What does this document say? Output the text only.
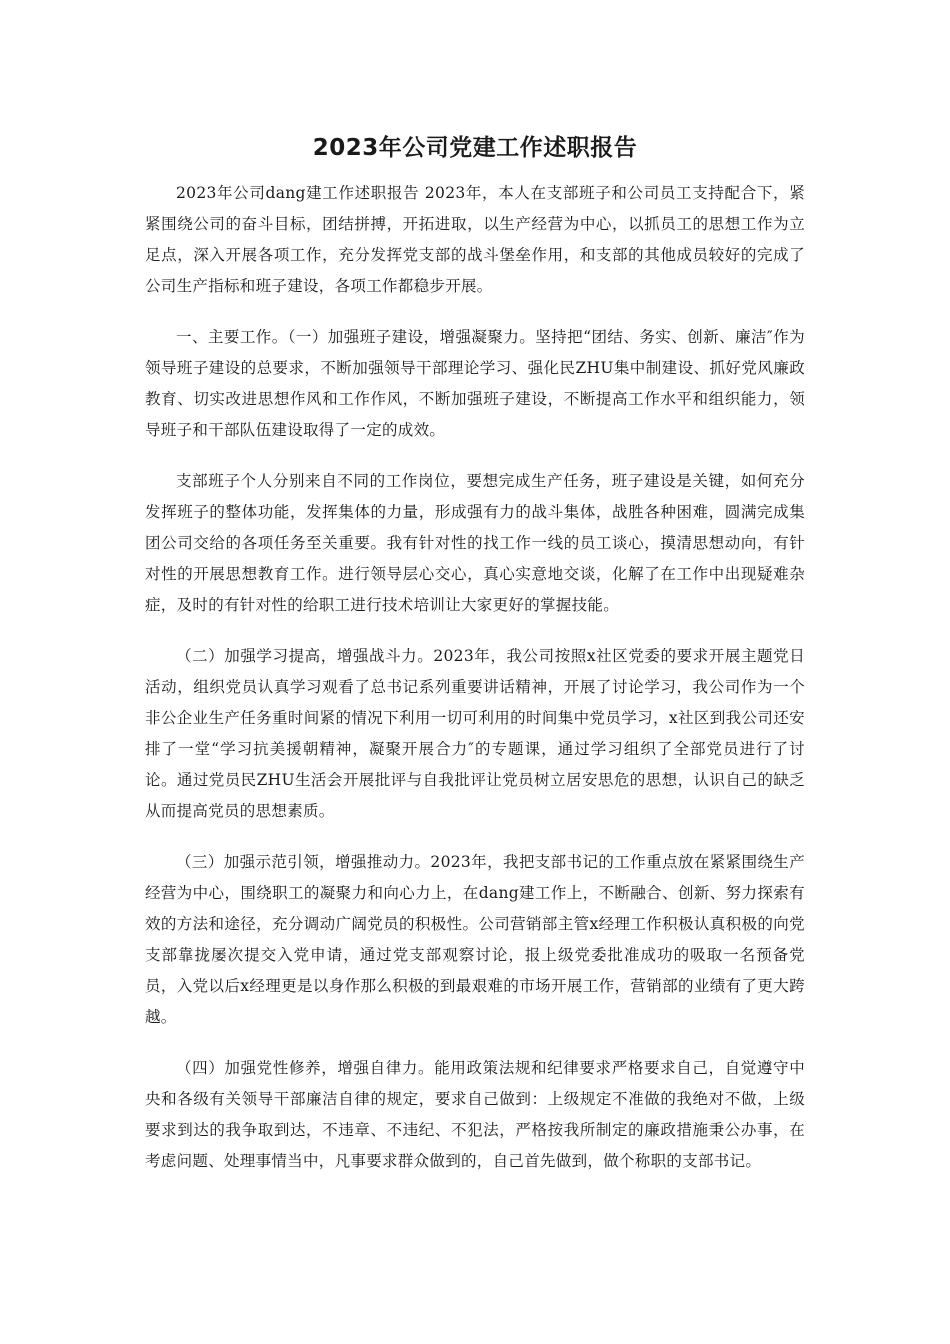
2023年公司党建工作述职报告

2023年公司dang建工作述职报告 2023年，本人在支部班子和公司员工支持配合下，紧紧围绕公司的奋斗目标，团结拼搏，开拓进取，以生产经营为中心，以抓员工的思想工作为立足点，深入开展各项工作，充分发挥党支部的战斗堡垒作用，和支部的其他成员较好的完成了公司生产指标和班子建设，各项工作都稳步开展。

一、主要工作。（一）加强班子建设，增强凝聚力。坚持把“团结、务实、创新、廉洁″作为领导班子建设的总要求，不断加强领导干部理论学习、强化民ZHU集中制建设、抓好党风廉政教育、切实改进思想作风和工作作风，不断加强班子建设，不断提高工作水平和组织能力，领导班子和干部队伍建设取得了一定的成效。

支部班子个人分别来自不同的工作岗位，要想完成生产任务，班子建设是关键，如何充分发挥班子的整体功能，发挥集体的力量，形成强有力的战斗集体，战胜各种困难，圆满完成集团公司交给的各项任务至关重要。我有针对性的找工作一线的员工谈心，摸清思想动向，有针对性的开展思想教育工作。进行领导层心交心，真心实意地交谈，化解了在工作中出现疑难杂症，及时的有针对性的给职工进行技术培训让大家更好的掌握技能。

（二）加强学习提高，增强战斗力。2023年，我公司按照x社区党委的要求开展主题党日活动，组织党员认真学习观看了总书记系列重要讲话精神，开展了讨论学习，我公司作为一个非公企业生产任务重时间紧的情况下利用一切可利用的时间集中党员学习，x社区到我公司还安排了一堂“学习抗美援朝精神，凝聚开展合力″的专题课，通过学习组织了全部党员进行了讨论。通过党员民ZHU生活会开展批评与自我批评让党员树立居安思危的思想，认识自己的缺乏从而提高党员的思想素质。

（三）加强示范引领，增强推动力。2023年，我把支部书记的工作重点放在紧紧围绕生产经营为中心，围绕职工的凝聚力和向心力上，在dang建工作上，不断融合、创新、努力探索有效的方法和途径，充分调动广阔党员的积极性。公司营销部主管x经理工作积极认真积极的向党支部靠拢屡次提交入党申请，通过党支部观察讨论，报上级党委批准成功的吸取一名预备党员，入党以后x经理更是以身作那么积极的到最艰难的市场开展工作，营销部的业绩有了更大跨越。

（四）加强党性修养，增强自律力。能用政策法规和纪律要求严格要求自己，自觉遵守中央和各级有关领导干部廉洁自律的规定，要求自己做到：上级规定不准做的我绝对不做，上级要求到达的我争取到达，不违章、不违纪、不犯法，严格按我所制定的廉政措施秉公办事，在考虑问题、处理事情当中，凡事要求群众做到的，自己首先做到，做个称职的支部书记。
